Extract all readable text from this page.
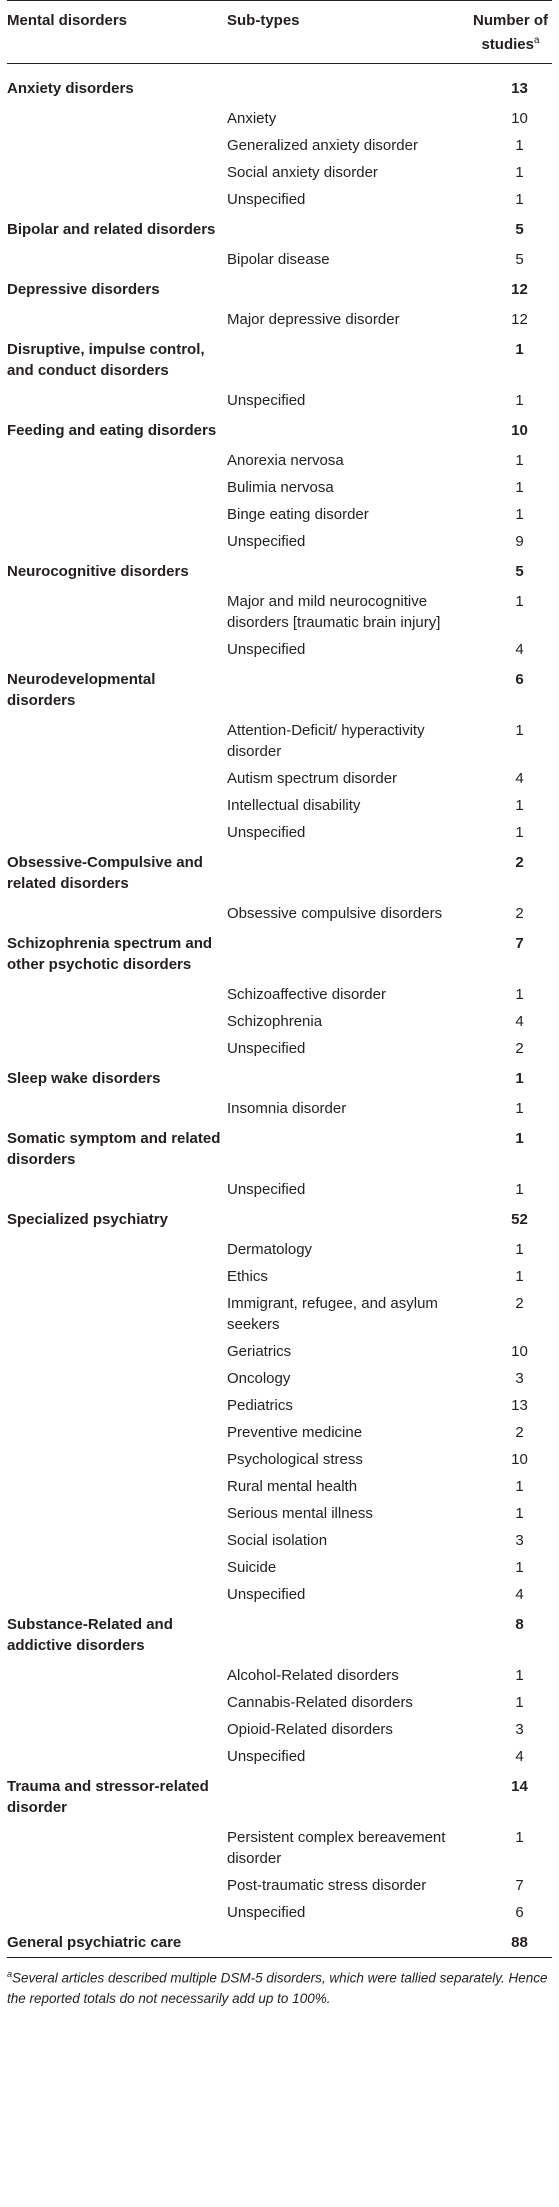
Mental disorders	Sub-types	Number of studies$^a$
Anxiety disorders		13
	Anxiety	10
	Generalized anxiety disorder	1
	Social anxiety disorder	1
	Unspecified	1
Bipolar and related disorders		5
	Bipolar disease	5
Depressive disorders		12
	Major depressive disorder	12
Disruptive, impulse control, and conduct disorders		1
	Unspecified	1
Feeding and eating disorders		10
	Anorexia nervosa	1
	Bulimia nervosa	1
	Binge eating disorder	1
	Unspecified	9
Neurocognitive disorders		5
	Major and mild neurocognitive disorders [traumatic brain injury]	1
	Unspecified	4
Neurodevelopmental disorders		6
	Attention-Deficit/ hyperactivity disorder	1
	Autism spectrum disorder	4
	Intellectual disability	1
	Unspecified	1
Obsessive-Compulsive and related disorders		2
	Obsessive compulsive disorders	2
Schizophrenia spectrum and other psychotic disorders		7
	Schizoaffective disorder	1
	Schizophrenia	4
	Unspecified	2
Sleep wake disorders		1
	Insomnia disorder	1
Somatic symptom and related disorders		1
	Unspecified	1
Specialized psychiatry		52
	Dermatology	1
	Ethics	1
	Immigrant, refugee, and asylum seekers	2
	Geriatrics	10
	Oncology	3
	Pediatrics	13
	Preventive medicine	2
	Psychological stress	10
	Rural mental health	1
	Serious mental illness	1
	Social isolation	3
	Suicide	1
	Unspecified	4
Substance-Related and addictive disorders		8
	Alcohol-Related disorders	1
	Cannabis-Related disorders	1
	Opioid-Related disorders	3
	Unspecified	4
Trauma and stressor-related disorder		14
	Persistent complex bereavement disorder	1
	Post-traumatic stress disorder	7
	Unspecified	6
General psychiatric care		88
$^a$Several articles described multiple DSM-5 disorders, which were tallied separately. Hence the reported totals do not necessarily add up to 100%.
